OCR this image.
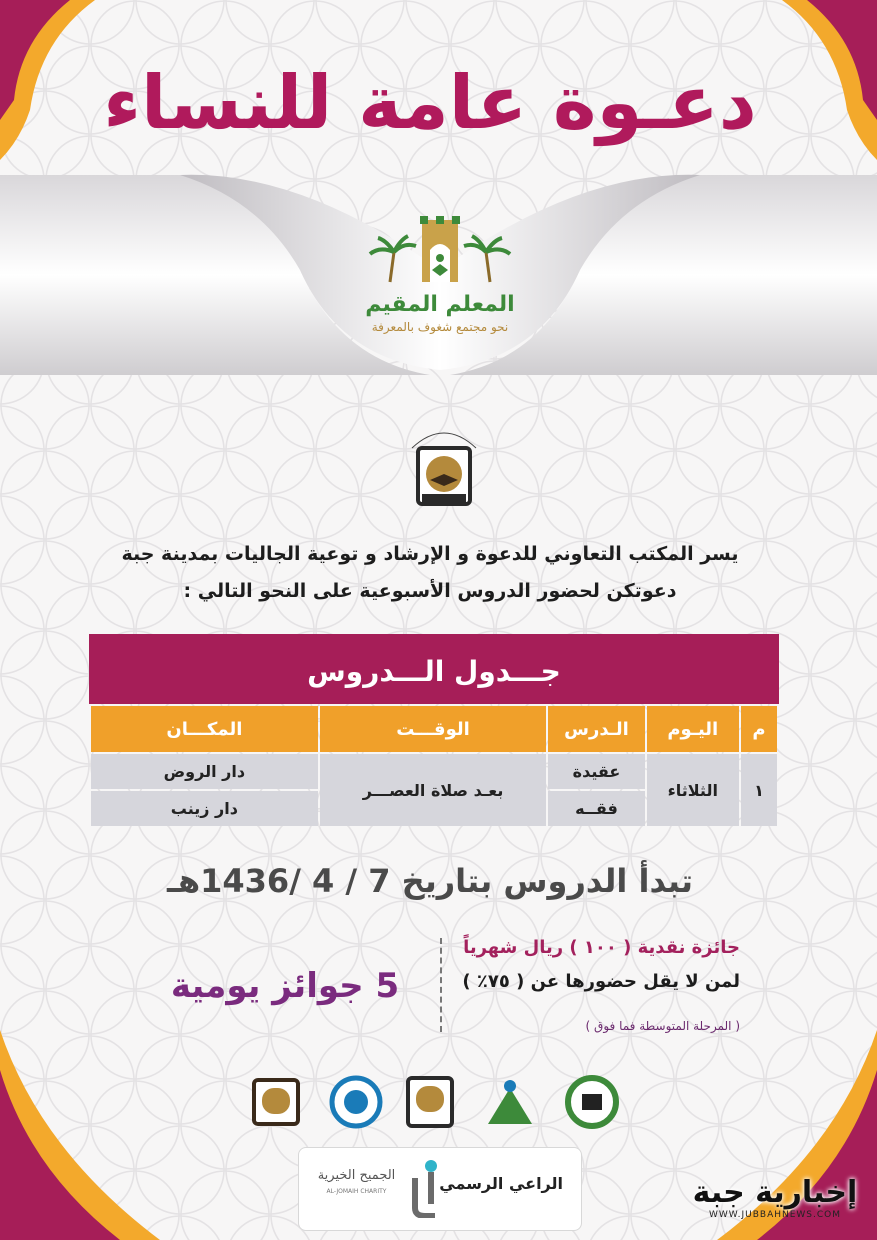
دعـوة عامة للنساء
المعلم المقيم
نحو مجتمع شغوف بالمعرفة
يسر المكتب التعاوني للدعوة و الإرشاد و توعية الجاليات بمدينة جبة
دعوتكن لحضور الدروس الأسبوعية على النحو التالي :
جـــدول الـــدروس
م	اليـوم	الـدرس	الوقـــت	المكـــان
١	الثلاثاء	عقيدة	بعـد صلاة العصـــر	دار الروض
		فقــه		دار زينب
تبدأ الدروس بتاريخ 7 / 4 /1436هـ
5 جوائز يومية
جائزة نقدية ( ١٠٠ ) ريال شهرياً
لمن لا يقل حضورها عن ( ٧٥٪ )
( المرحلة المتوسطة فما فوق )
الراعي الرسمي
الجميح الخيرية
AL-JOMAIH CHARITY	إخبارية جبة
WWW.JUBBAHNEWS.COM
